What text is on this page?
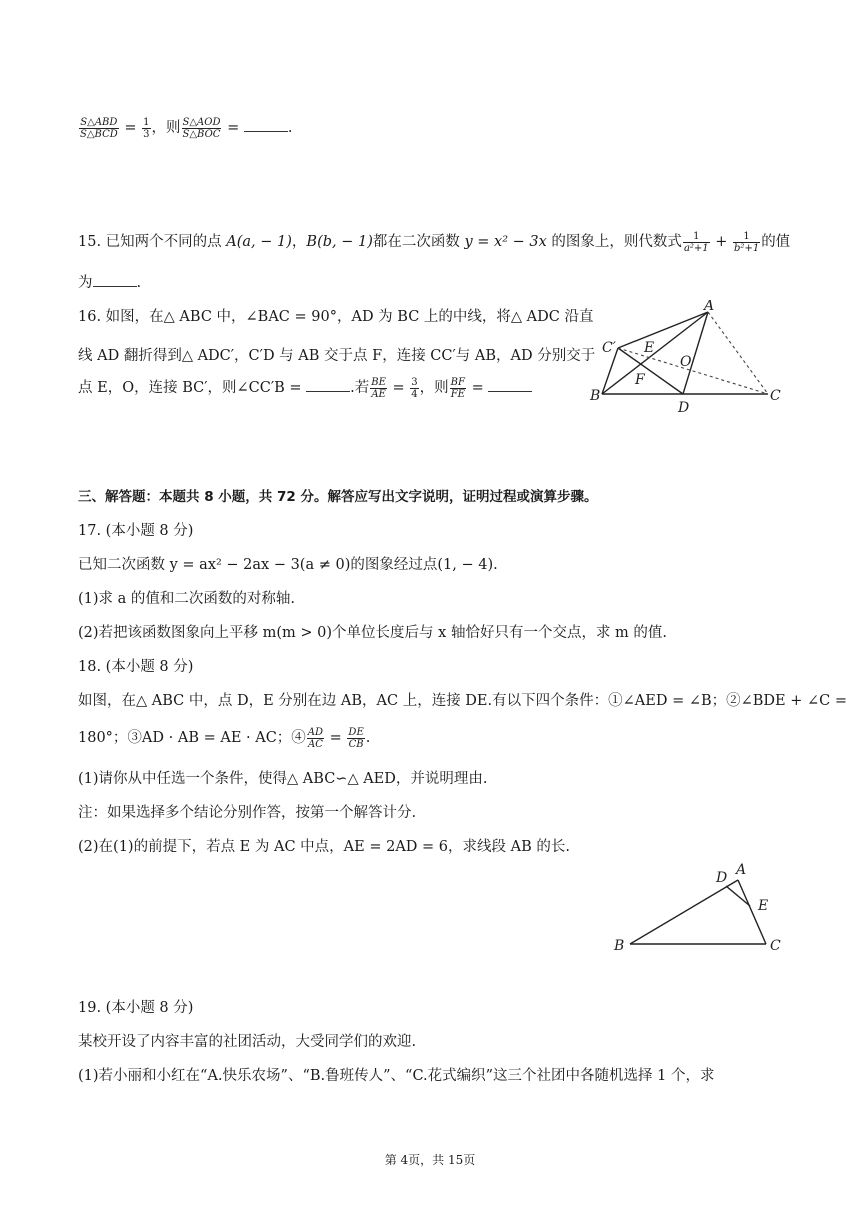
$\frac{\text{S△ABD}}{\text{S△BCD}} = \frac{1}{3}$ ，则 $\frac{\text{S△AOD}}{\text{S△BOC}}$ =	.
15. 已知两个不同的点 A(a, − 1)，B(b, − 1)都在二次函数 y = x² − 3x 的图象上，则代数式 $\frac{1}{\text{a²+1}} + \frac{1}{\text{b²+1}}$ 的值
为	.
16. 如图，在△ ABC 中，∠BAC = 90°，AD 为 BC 上的中线，将△ ADC 沿直
线 AD 翻折得到△ ADC′，C′D 与 AB 交于点 F，连接 CC′与 AB，AD 分别交于
点 E，O，连接 BC′，则∠CC′B =	.若 $\frac{BE}{AE} = \frac{3}{4}$ ，则 $\frac{BF}{FE}$ =
A
C′ E
O
F
B
D
C
三、解答题：本题共 8 小题，共 72 分。解答应写出文字说明，证明过程或演算步骤。
17. (本小题 8 分)
已知二次函数 y = ax² − 2ax − 3(a ≠ 0)的图象经过点(1, − 4).
(1)求 a 的值和二次函数的对称轴.
(2)若把该函数图象向上平移 m(m > 0)个单位长度后与 x 轴恰好只有一个交点，求 m 的值.
18. (本小题 8 分)
如图，在△ ABC 中，点 D，E 分别在边 AB，AC 上，连接 DE.有以下四个条件：①∠AED = ∠B；②∠BDE + ∠C =
180°；③AD · AB = AE · AC；④ $\frac{AD}{AC} = \frac{DE}{CB}$ .
(1)请你从中任选一个条件，使得△ ABC∽△ AED，并说明理由.
注：如果选择多个结论分别作答，按第一个解答计分.
(2)在(1)的前提下，若点 E 为 AC 中点，AE = 2AD = 6，求线段 AB 的长.
A
D
E
B	C
19. (本小题 8 分)
某校开设了内容丰富的社团活动，大受同学们的欢迎.
(1)若小丽和小红在“A.快乐农场”、“B.鲁班传人”、“C.花式编织”这三个社团中各随机选择 1 个，求
第 4页，共 15页
